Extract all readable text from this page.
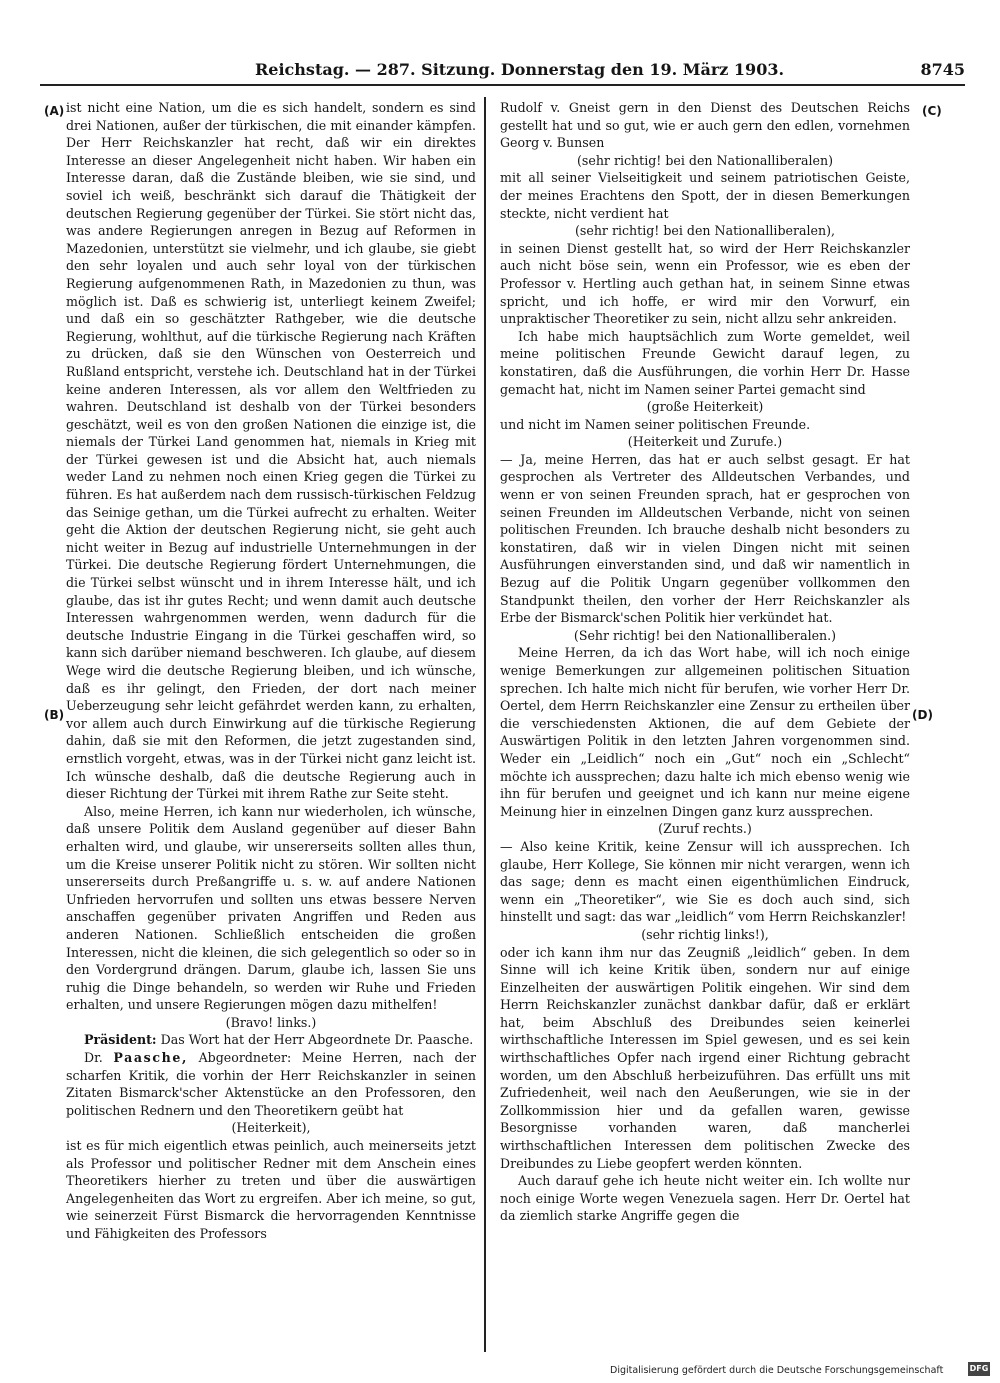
Reichstag. — 287. Sitzung. Donnerstag den 19. März 1903.	8745
(A)
(B)
(C)
(D)

ist nicht eine Nation, um die es sich handelt, sondern es sind drei Nationen, außer der türkischen, die mit einander kämpfen. Der Herr Reichskanzler hat recht, daß wir ein direktes Interesse an dieser Angelegenheit nicht haben. Wir haben ein Interesse daran, daß die Zustände bleiben, wie sie sind, und soviel ich weiß, beschränkt sich darauf die Thätigkeit der deutschen Regierung gegenüber der Türkei. Sie stört nicht das, was andere Regierungen anregen in Bezug auf Reformen in Mazedonien, unterstützt sie vielmehr, und ich glaube, sie giebt den sehr loyalen und auch sehr loyal von der türkischen Regierung aufgenommenen Rath, in Mazedonien zu thun, was möglich ist. Daß es schwierig ist, unterliegt keinem Zweifel; und daß ein so geschätzter Rathgeber, wie die deutsche Regierung, wohlthut, auf die türkische Regierung nach Kräften zu drücken, daß sie den Wünschen von Oesterreich und Rußland entspricht, verstehe ich. Deutschland hat in der Türkei keine anderen Interessen, als vor allem den Weltfrieden zu wahren. Deutschland ist deshalb von der Türkei besonders geschätzt, weil es von den großen Nationen die einzige ist, die niemals der Türkei Land genommen hat, niemals in Krieg mit der Türkei gewesen ist und die Absicht hat, auch niemals weder Land zu nehmen noch einen Krieg gegen die Türkei zu führen. Es hat außerdem nach dem russisch-türkischen Feldzug das Seinige gethan, um die Türkei aufrecht zu erhalten. Weiter geht die Aktion der deutschen Regierung nicht, sie geht auch nicht weiter in Bezug auf industrielle Unternehmungen in der Türkei. Die deutsche Regierung fördert Unternehmungen, die die Türkei selbst wünscht und in ihrem Interesse hält, und ich glaube, das ist ihr gutes Recht; und wenn damit auch deutsche Interessen wahrgenommen werden, wenn dadurch für die deutsche Industrie Eingang in die Türkei geschaffen wird, so kann sich darüber niemand beschweren. Ich glaube, auf diesem Wege wird die deutsche Regierung bleiben, und ich wünsche, daß es ihr gelingt, den Frieden, der dort nach meiner Ueberzeugung sehr leicht gefährdet werden kann, zu erhalten, vor allem auch durch Einwirkung auf die türkische Regierung dahin, daß sie mit den Reformen, die jetzt zugestanden sind, ernstlich vorgeht, etwas, was in der Türkei nicht ganz leicht ist. Ich wünsche deshalb, daß die deutsche Regierung auch in dieser Richtung der Türkei mit ihrem Rathe zur Seite steht.

Also, meine Herren, ich kann nur wiederholen, ich wünsche, daß unsere Politik dem Ausland gegenüber auf dieser Bahn erhalten wird, und glaube, wir unsererseits sollten alles thun, um die Kreise unserer Politik nicht zu stören. Wir sollten nicht unsererseits durch Preßangriffe u. s. w. auf andere Nationen Unfrieden hervorrufen und sollten uns etwas bessere Nerven anschaffen gegenüber privaten Angriffen und Reden aus anderen Nationen. Schließlich entscheiden die großen Interessen, nicht die kleinen, die sich gelegentlich so oder so in den Vordergrund drängen. Darum, glaube ich, lassen Sie uns ruhig die Dinge behandeln, so werden wir Ruhe und Frieden erhalten, und unsere Regierungen mögen dazu mithelfen!

(Bravo! links.)

Präsident: Das Wort hat der Herr Abgeordnete Dr. Paasche.

Dr. Paasche, Abgeordneter: Meine Herren, nach der scharfen Kritik, die vorhin der Herr Reichskanzler in seinen Zitaten Bismarck'scher Aktenstücke an den Professoren, den politischen Rednern und den Theoretikern geübt hat

(Heiterkeit),

ist es für mich eigentlich etwas peinlich, auch meinerseits jetzt als Professor und politischer Redner mit dem Anschein eines Theoretikers hierher zu treten und über die auswärtigen Angelegenheiten das Wort zu ergreifen. Aber ich meine, so gut, wie seinerzeit Fürst Bismarck die hervorragenden Kenntnisse und Fähigkeiten des Professors

Rudolf v. Gneist gern in den Dienst des Deutschen Reichs gestellt hat und so gut, wie er auch gern den edlen, vornehmen Georg v. Bunsen

(sehr richtig! bei den Nationalliberalen)

mit all seiner Vielseitigkeit und seinem patriotischen Geiste, der meines Erachtens den Spott, der in diesen Bemerkungen steckte, nicht verdient hat

(sehr richtig! bei den Nationalliberalen),

in seinen Dienst gestellt hat, so wird der Herr Reichskanzler auch nicht böse sein, wenn ein Professor, wie es eben der Professor v. Hertling auch gethan hat, in seinem Sinne etwas spricht, und ich hoffe, er wird mir den Vorwurf, ein unpraktischer Theoretiker zu sein, nicht allzu sehr ankreiden.

Ich habe mich hauptsächlich zum Worte gemeldet, weil meine politischen Freunde Gewicht darauf legen, zu konstatiren, daß die Ausführungen, die vorhin Herr Dr. Hasse gemacht hat, nicht im Namen seiner Partei gemacht sind

(große Heiterkeit)

und nicht im Namen seiner politischen Freunde.

(Heiterkeit und Zurufe.)

— Ja, meine Herren, das hat er auch selbst gesagt. Er hat gesprochen als Vertreter des Alldeutschen Verbandes, und wenn er von seinen Freunden sprach, hat er gesprochen von seinen Freunden im Alldeutschen Verbande, nicht von seinen politischen Freunden. Ich brauche deshalb nicht besonders zu konstatiren, daß wir in vielen Dingen nicht mit seinen Ausführungen einverstanden sind, und daß wir namentlich in Bezug auf die Politik Ungarn gegenüber vollkommen den Standpunkt theilen, den vorher der Herr Reichskanzler als Erbe der Bismarck'schen Politik hier verkündet hat.

(Sehr richtig! bei den Nationalliberalen.)

Meine Herren, da ich das Wort habe, will ich noch einige wenige Bemerkungen zur allgemeinen politischen Situation sprechen. Ich halte mich nicht für berufen, wie vorher Herr Dr. Oertel, dem Herrn Reichskanzler eine Zensur zu ertheilen über die verschiedensten Aktionen, die auf dem Gebiete der Auswärtigen Politik in den letzten Jahren vorgenommen sind. Weder ein „Leidlich“ noch ein „Gut“ noch ein „Schlecht“ möchte ich aussprechen; dazu halte ich mich ebenso wenig wie ihn für berufen und geeignet und ich kann nur meine eigene Meinung hier in einzelnen Dingen ganz kurz aussprechen.

(Zuruf rechts.)

— Also keine Kritik, keine Zensur will ich aussprechen. Ich glaube, Herr Kollege, Sie können mir nicht verargen, wenn ich das sage; denn es macht einen eigenthümlichen Eindruck, wenn ein „Theoretiker“, wie Sie es doch auch sind, sich hinstellt und sagt: das war „leidlich“ vom Herrn Reichskanzler!

(sehr richtig links!),

oder ich kann ihm nur das Zeugniß „leidlich“ geben. In dem Sinne will ich keine Kritik üben, sondern nur auf einige Einzelheiten der auswärtigen Politik eingehen. Wir sind dem Herrn Reichskanzler zunächst dankbar dafür, daß er erklärt hat, beim Abschluß des Dreibundes seien keinerlei wirthschaftliche Interessen im Spiel gewesen, und es sei kein wirthschaftliches Opfer nach irgend einer Richtung gebracht worden, um den Abschluß herbeizuführen. Das erfüllt uns mit Zufriedenheit, weil nach den Aeußerungen, wie sie in der Zollkommission hier und da gefallen waren, gewisse Besorgnisse vorhanden waren, daß mancherlei wirthschaftlichen Interessen dem politischen Zwecke des Dreibundes zu Liebe geopfert werden könnten.

Auch darauf gehe ich heute nicht weiter ein. Ich wollte nur noch einige Worte wegen Venezuela sagen. Herr Dr. Oertel hat da ziemlich starke Angriffe gegen die

Digitalisierung gefördert durch die Deutsche Forschungsgemeinschaft	DFG
